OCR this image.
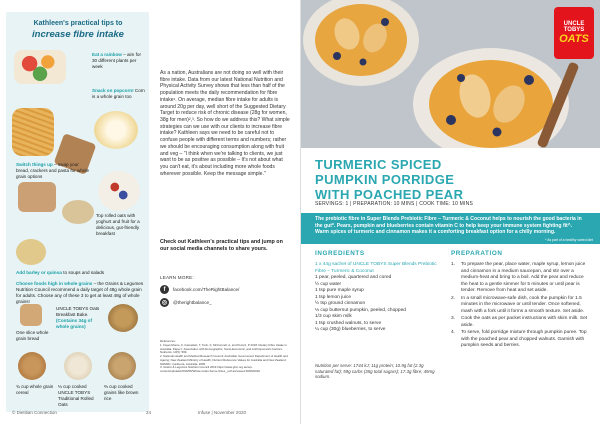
Kathleen's practical tips to
increase fibre intake
Eat a rainbow – aim for 30 different plants per week
Snack on popcorn! Corn is a whole grain too
Switch things up – swap your bread, crackers and pasta for whole grain options
Top rolled oats with yoghurt and fruit for a delicious, gut-friendly breakfast
Add barley or quinoa to soups and salads
Choose foods high in whole grains – the Grains & Legumes Nutrition Council recommend a daily target of 48g whole grain for adults. Choose any of these 3 to get at least 48g of whole grains!
One slice whole grain bread
UNCLE TOBYS Oats Breakfast Bake. (Contains 34g of whole grains)
¾ cup whole grain cereal
⅓ cup cooked UNCLE TOBYS Traditional Rolled Oats
⅔ cup cooked grains like brown rice

As a nation, Australians are not doing so well with their fibre intake. Data from our latest National Nutrition and Physical Activity Survey shows that less than half of the population meets the daily recommendation for fibre intake¹. On average, median fibre intake for adults is around 20g per day, well short of the Suggested Dietary Target to reduce risk of chronic disease (28g for women, 38g for men)²,³. So how do we address this? What simple strategies can we use with our clients to increase fibre intake? Kathleen says we need to be careful not to confuse people with different terms and numbers; rather we should be encouraging consumption along with fruit and veg – "I think when we're talking to clients, we just want to be as positive as possible – It's not about what you can't eat, it's about including more whole foods wherever possible. Keep the message simple."

Check out Kathleen's practical tips and jump on our social media channels to share yours.
LEARN MORE:
f	facebook.com/TheRightBalance/
◎	@therightbalance_
References:
1. Fayet-Moore, F, Cassettari, T, Tuck, K, McConnell, A, and Petocz, P 2018. Dietary Fibre Intake in Australia. Paper I: Association with Demographic, Socio-Economic, and Anthropometric Factors. Nutrients, 10(5): 599.
2. National Health and Medical Research Council; Australian Government Department of Health and Ageing; New Zealand Ministry of Health; Nutrient Reference Values for Australia and New Zealand. NHMRC; Canberra, Australia: 2006.
3. Grains & Legumes Nutrition Council 2019 https://www.glnc.org.au/wp-content/uploads/2019/06/Whole-Grain-Serve-Sizes_.pdf accessed 30/09/2020
© Dietitian Connection	24	Infuse | November 2020
UNCLE
TOBYS
OATS
TURMERIC SPICED
PUMPKIN PORRIDGE
WITH POACHED PEAR
SERVINGS: 1 | PREPARATION: 10 MINS | COOK TIME: 10 MINS
The prebiotic fibre in Super Blends Prebiotic Fibre – Turmeric & Coconut helps to nourish the good bacteria in the gut*. Pears, pumpkin and blueberries contain vitamin C to help keep your immune system fighting fit^. Warm spices of turmeric and cinnamon makes it a comforting breakfast option for a chilly morning.
^ As part of a healthy varied diet
INGREDIENTS
1 x 44g sachet of UNCLE TOBYS Super Blends Prebiotic Fibre – Turmeric & Coconut
1 pear, peeled, quartered and cored
½ cup water
1 tsp pure maple syrup
1 tsp lemon juice
½ tsp ground cinnamon
⅓ cup butternut pumpkin, peeled, chopped
1/3 cup skim milk
1 tsp crushed walnuts, to serve
¼ cup (30g) blueberries, to serve
Nutrition per serve: 1744 kJ; 11g protein; 10.9g fat (2.3g saturated fat); 59g carbs (35g total sugars); 17.3g fibre; 49mg sodium.
PREPARATION
1.	To prepare the pear, place water, maple syrup, lemon juice and cinnamon in a medium saucepan, and stir over a medium-heat and bring to a boil. Add the pear and reduce the heat to a gentle simmer for 5 minutes or until pear is tender. Remove from heat and set aside.
2.	In a small microwave-safe dish, cook the pumpkin for 1.5 minutes in the microwave or until tender. Once softened, mash with a fork until it forms a smooth texture. Set aside.
3.	Cook the oats as per packet instructions with skim milk. Set aside.
4.	To serve, fold porridge mixture through pumpkin puree. Top with the poached pear and chopped walnuts. Garnish with pumpkin seeds and berries.
